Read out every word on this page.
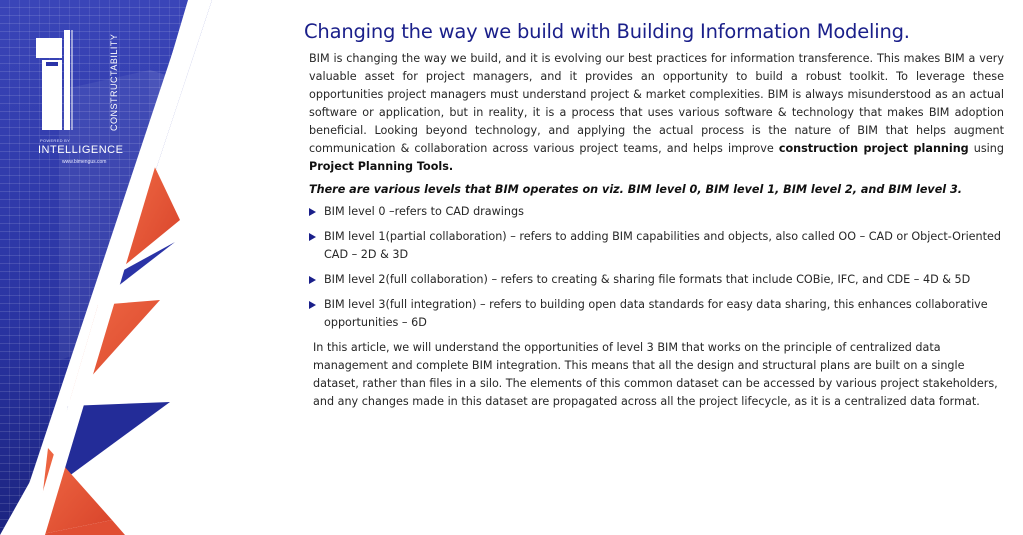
CONSTRUCTABILITY
POWERED BY
INTELLIGENCE
www.bimengus.com
Changing the way we build with Building Information Modeling.

BIM is changing the way we build, and it is evolving our best practices for information transference. This makes BIM a very valuable asset for project managers, and it provides an opportunity to build a robust toolkit. To leverage these opportunities project managers must understand project & market complexities. BIM is always misunderstood as an actual software or application, but in reality, it is a process that uses various software & technology that makes BIM adoption beneficial. Looking beyond technology, and applying the actual process is the nature of BIM that helps augment communication & collaboration across various project teams, and helps improve construction project planning using Project Planning Tools.

There are various levels that BIM operates on viz. BIM level 0, BIM level 1, BIM level 2, and BIM level 3.

BIM level 0 –refers to CAD drawings
BIM level 1(partial collaboration) – refers to adding BIM capabilities and objects, also called OO – CAD or Object-Oriented CAD – 2D & 3D
BIM level 2(full collaboration) – refers to creating & sharing file formats that include COBie, IFC, and CDE – 4D & 5D
BIM level 3(full integration) – refers to building open data standards for easy data sharing, this enhances collaborative opportunities – 6D

In this article, we will understand the opportunities of level 3 BIM that works on the principle of centralized data management and complete BIM integration. This means that all the design and structural plans are built on a single dataset, rather than files in a silo. The elements of this common dataset can be accessed by various project stakeholders, and any changes made in this dataset are propagated across all the project lifecycle, as it is a centralized data format.
